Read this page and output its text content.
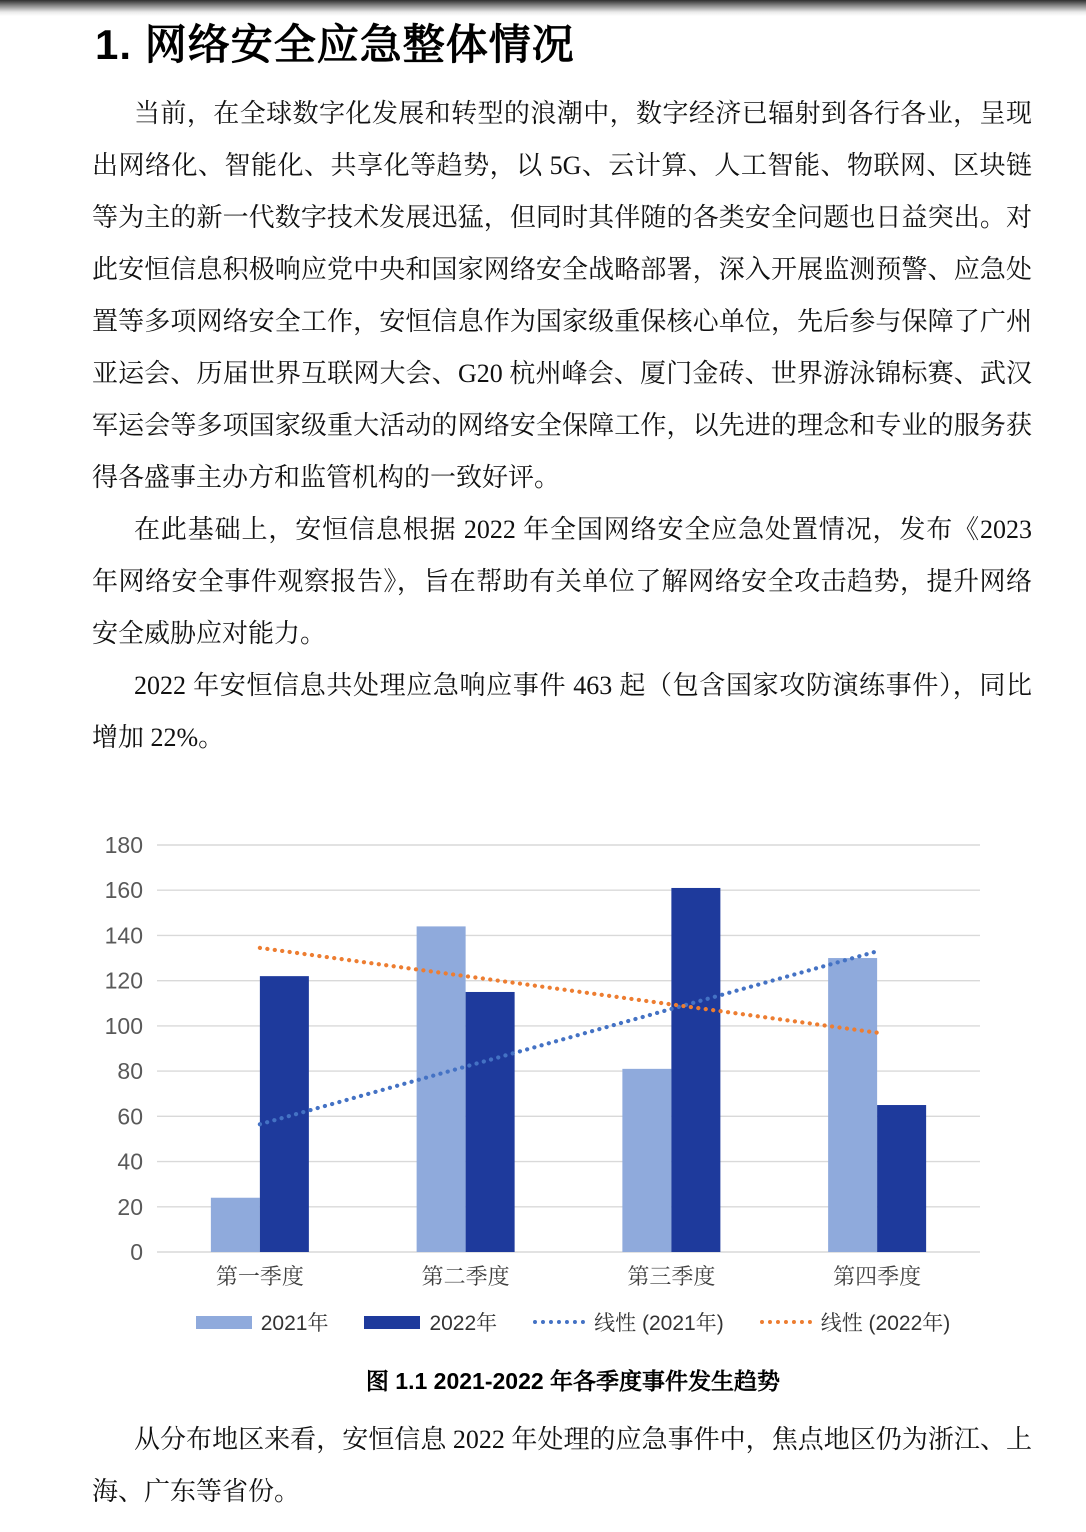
1. 网络安全应急整体情况

当前，在全球数字化发展和转型的浪潮中，数字经济已辐射到各行各业，呈现出网络化、智能化、共享化等趋势，以 5G、云计算、人工智能、物联网、区块链等为主的新一代数字技术发展迅猛，但同时其伴随的各类安全问题也日益突出。对此安恒信息积极响应党中央和国家网络安全战略部署，深入开展监测预警、应急处置等多项网络安全工作，安恒信息作为国家级重保核心单位，先后参与保障了广州亚运会、历届世界互联网大会、G20 杭州峰会、厦门金砖、世界游泳锦标赛、武汉军运会等多项国家级重大活动的网络安全保障工作，以先进的理念和专业的服务获得各盛事主办方和监管机构的一致好评。

在此基础上，安恒信息根据 2022 年全国网络安全应急处置情况，发布《2023 年网络安全事件观察报告》，旨在帮助有关单位了解网络安全攻击趋势，提升网络安全威胁应对能力。

2022 年安恒信息共处理应急响应事件 463 起（包含国家攻防演练事件），同比增加 22%。

0
20
40
60
80
100
120
140
160
180
第一季度	第二季度	第三季度	第四季度
2021年	2022年	线性 (2021年)	线性 (2022年)
图 1.1 2021-2022 年各季度事件发生趋势

从分布地区来看，安恒信息 2022 年处理的应急事件中，焦点地区仍为浙江、上海、广东等省份。
